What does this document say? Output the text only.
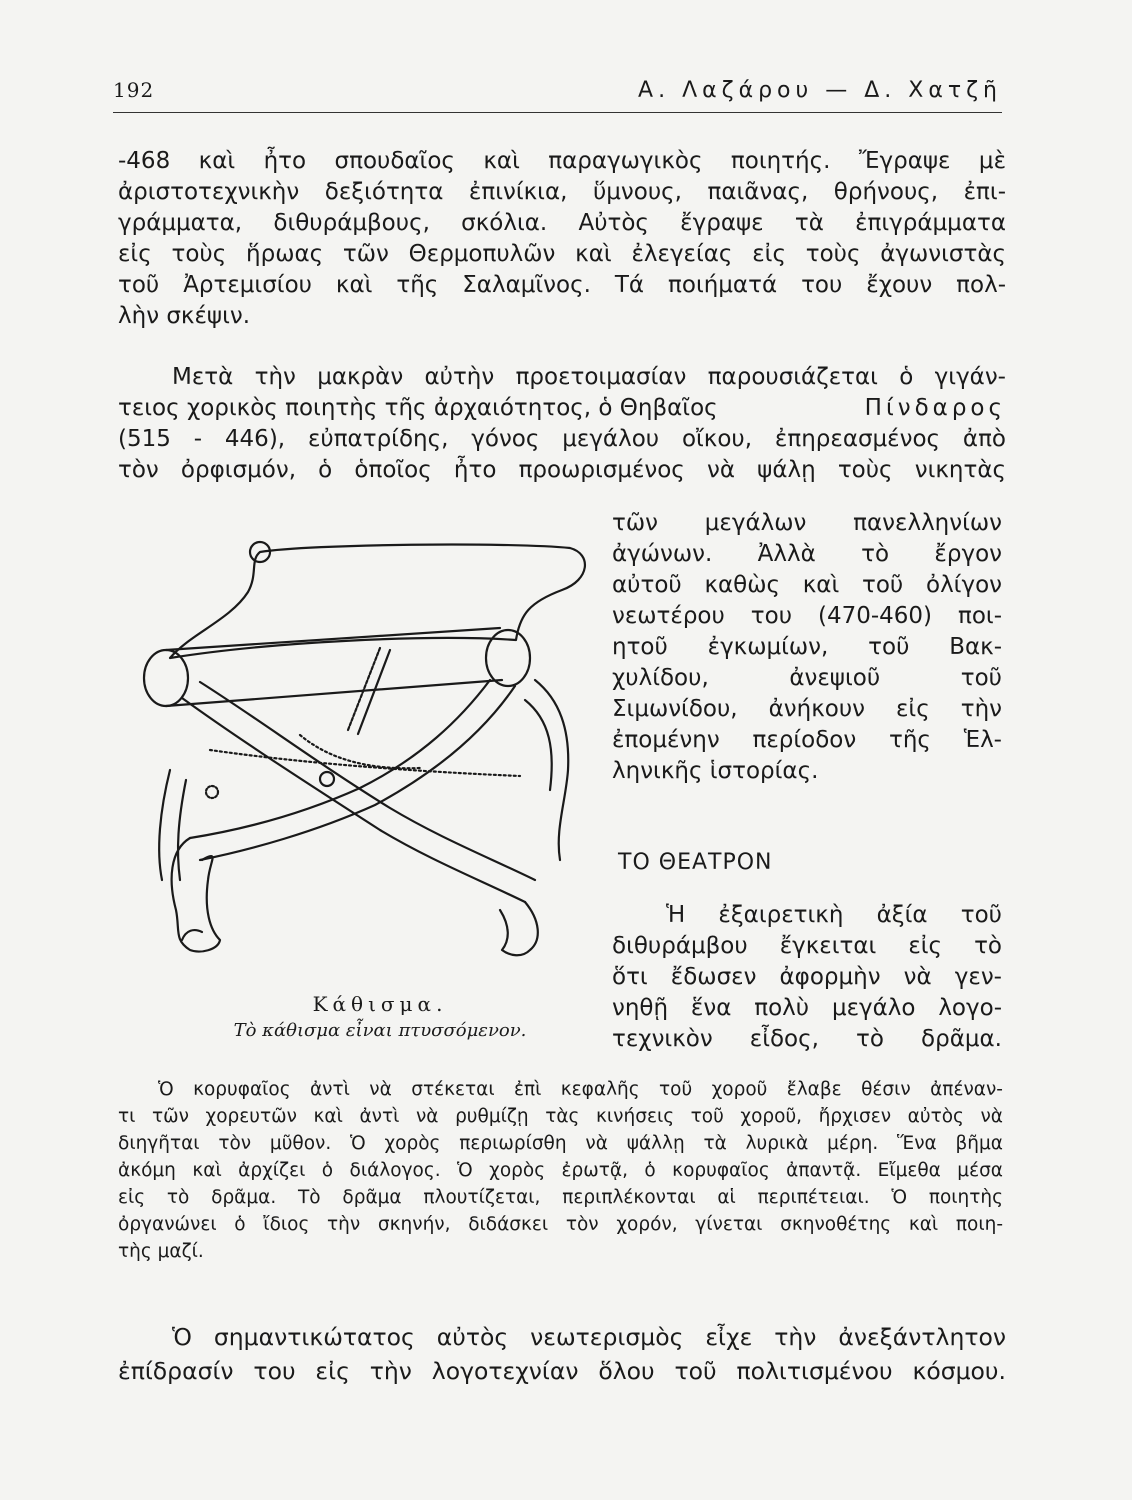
192	Α. Λαζάρου — Δ. Χατζῆ
-468 καὶ ἦτο σπουδαῖος καὶ παραγωγικὸς ποιητής. Ἔγραψε μὲ
ἀριστοτεχνικὴν δεξιότητα ἐπινίκια, ὕμνους, παιᾶνας, θρήνους, ἐπι-
γράμματα, διθυράμβους, σκόλια. Αὐτὸς ἔγραψε τὰ ἐπιγράμματα
εἰς τοὺς ἥρωας τῶν Θερμοπυλῶν καὶ ἐλεγείας εἰς τοὺς ἀγωνιστὰς
τοῦ Ἀρτεμισίου καὶ τῆς Σαλαμῖνος. Τά ποιήματά του ἔχουν πολ-
λὴν σκέψιν.
Μετὰ τὴν μακρὰν αὐτὴν προετοιμασίαν παρουσιάζεται ὁ γιγάν-
τειος χορικὸς ποιητὴς τῆς ἀρχαιότητος, ὁ Θηβαῖος	Πίνδαρος
(515 - 446), εὐπατρίδης, γόνος μεγάλου οἴκου, ἐπηρεασμένος ἀπὸ
τὸν ὀρφισμόν, ὁ ὁποῖος ἦτο προωρισμένος νὰ ψάλῃ τοὺς νικητὰς
τῶν μεγάλων πανελληνίων
ἀγώνων. Ἀλλὰ τὸ ἔργον
αὐτοῦ καθὼς καὶ τοῦ ὀλίγον
νεωτέρου του (470-460) ποι-
ητοῦ ἐγκωμίων, τοῦ Βακ-
χυλίδου, ἀνεψιοῦ τοῦ
Σιμωνίδου, ἀνήκουν εἰς τὴν
ἐπομένην περίοδον τῆς Ἑλ-
ληνικῆς ἱστορίας.
ΤΟ ΘΕΑΤΡΟΝ
Ἡ ἐξαιρετικὴ ἀξία τοῦ
διθυράμβου ἔγκειται εἰς τὸ
ὅτι ἔδωσεν ἀφορμὴν νὰ γεν-
νηθῇ ἕνα πολὺ μεγάλο λογο-
τεχνικὸν εἶδος, τὸ δρᾶμα.
Κάθισμα.
Τὸ κάθισμα εἶναι πτυσσόμενον.
Ὁ κορυφαῖος ἀντὶ νὰ στέκεται ἐπὶ κεφαλῆς τοῦ χοροῦ ἔλαβε θέσιν ἀπέναν-
τι τῶν χορευτῶν καὶ ἀντὶ νὰ ρυθμίζῃ τὰς κινήσεις τοῦ χοροῦ, ἤρχισεν αὐτὸς νὰ
διηγῆται τὸν μῦθον. Ὁ χορὸς περιωρίσθη νὰ ψάλλῃ τὰ λυρικὰ μέρη. Ἕνα βῆμα
ἀκόμη καὶ ἀρχίζει ὁ διάλογος. Ὁ χορὸς ἐρωτᾷ, ὁ κορυφαῖος ἀπαντᾷ. Εἴμεθα μέσα
εἰς τὸ δρᾶμα. Τὸ δρᾶμα πλουτίζεται, περιπλέκονται αἱ περιπέτειαι. Ὁ ποιητὴς
ὀργανώνει ὁ ἴδιος τὴν σκηνήν, διδάσκει τὸν χορόν, γίνεται σκηνοθέτης καὶ ποιη-
τὴς μαζί.
Ὁ σημαντικώτατος αὐτὸς νεωτερισμὸς εἶχε τὴν ἀνεξάντλητον
ἐπίδρασίν του εἰς τὴν λογοτεχνίαν ὅλου τοῦ πολιτισμένου κόσμου.
